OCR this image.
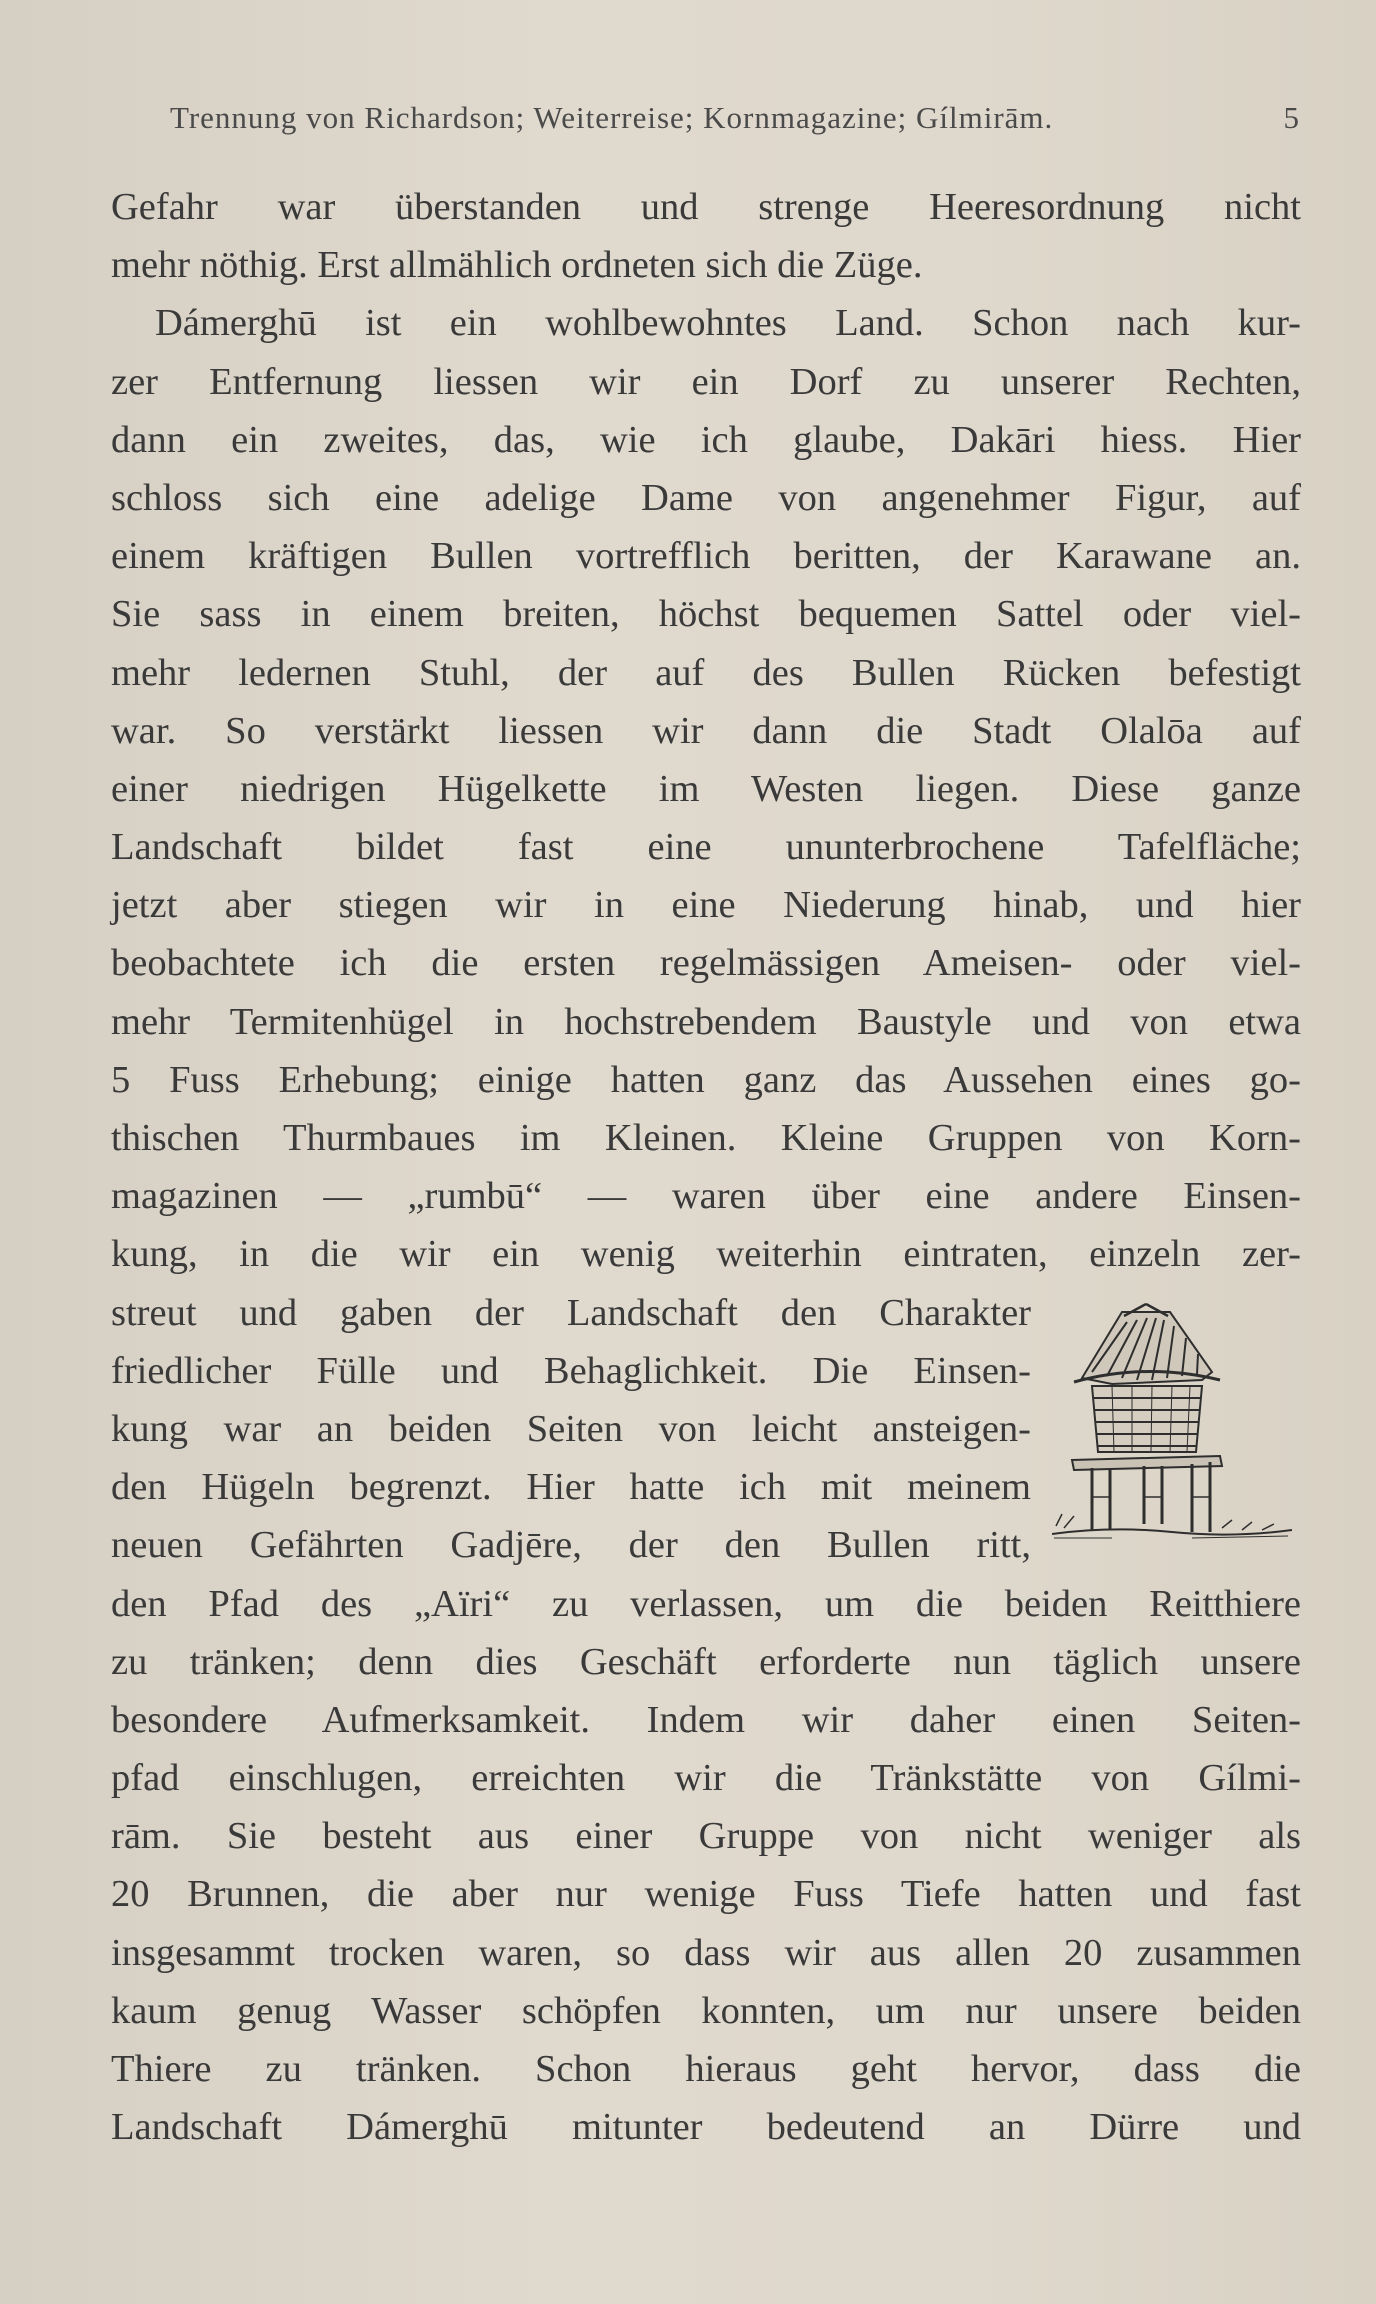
Trennung von Richardson; Weiterreise; Kornmagazine; Gílmirām.	5
Gefahr war überstanden und strenge Heeresordnung nicht
mehr nöthig. Erst allmählich ordneten sich die Züge.
Dámerghū ist ein wohlbewohntes Land. Schon nach kur-
zer Entfernung liessen wir ein Dorf zu unserer Rechten,
dann ein zweites, das, wie ich glaube, Dakāri hiess. Hier
schloss sich eine adelige Dame von angenehmer Figur, auf
einem kräftigen Bullen vortrefflich beritten, der Karawane an.
Sie sass in einem breiten, höchst bequemen Sattel oder viel-
mehr ledernen Stuhl, der auf des Bullen Rücken befestigt
war. So verstärkt liessen wir dann die Stadt Olalōa auf
einer niedrigen Hügelkette im Westen liegen. Diese ganze
Landschaft bildet fast eine ununterbrochene Tafelfläche;
jetzt aber stiegen wir in eine Niederung hinab, und hier
beobachtete ich die ersten regelmässigen Ameisen- oder viel-
mehr Termitenhügel in hochstrebendem Baustyle und von etwa
5 Fuss Erhebung; einige hatten ganz das Aussehen eines go-
thischen Thurmbaues im Kleinen. Kleine Gruppen von Korn-
magazinen — „rumbū“ — waren über eine andere Einsen-
kung, in die wir ein wenig weiterhin eintraten, einzeln zer-
streut und gaben der Landschaft den Charakter
friedlicher Fülle und Behaglichkeit. Die Einsen-
kung war an beiden Seiten von leicht ansteigen-
den Hügeln begrenzt. Hier hatte ich mit meinem
neuen Gefährten Gadjēre, der den Bullen ritt,
den Pfad des „Aïri“ zu verlassen, um die beiden Reitthiere
zu tränken; denn dies Geschäft erforderte nun täglich unsere
besondere Aufmerksamkeit. Indem wir daher einen Seiten-
pfad einschlugen, erreichten wir die Tränkstätte von Gílmi-
rām. Sie besteht aus einer Gruppe von nicht weniger als
20 Brunnen, die aber nur wenige Fuss Tiefe hatten und fast
insgesammt trocken waren, so dass wir aus allen 20 zusammen
kaum genug Wasser schöpfen konnten, um nur unsere beiden
Thiere zu tränken. Schon hieraus geht hervor, dass die
Landschaft Dámerghū mitunter bedeutend an Dürre und
